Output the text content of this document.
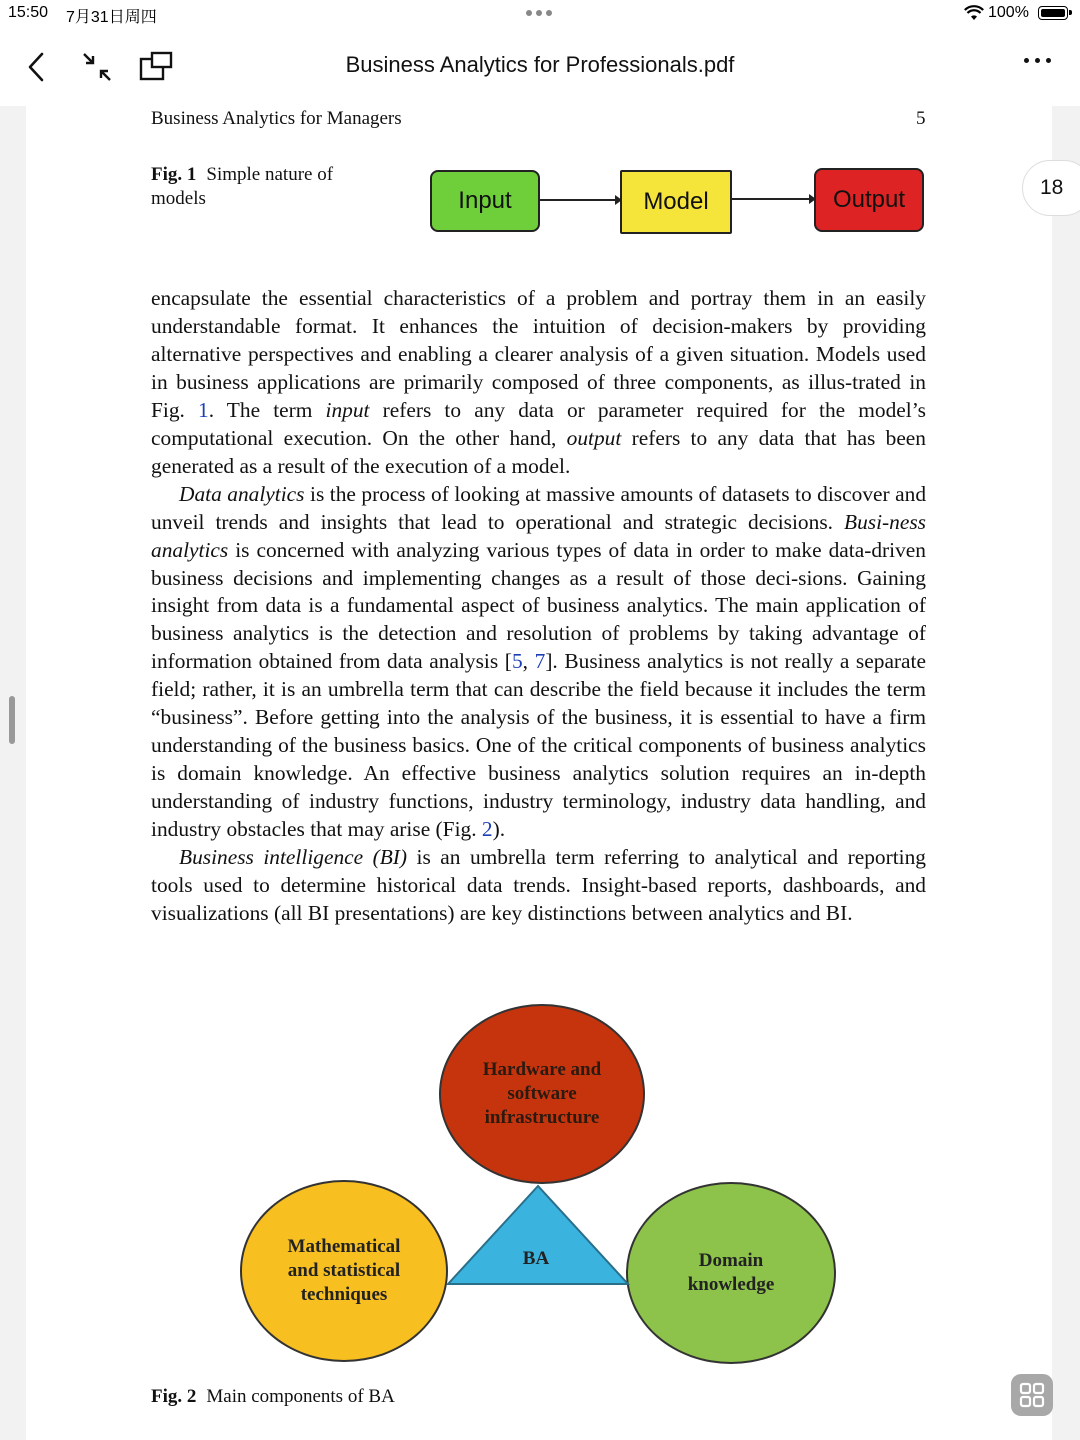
15:50 7月31日周四	100%
Business Analytics for Professionals.pdf
Business Analytics for Managers	5
Fig. 1 Simple nature of models	Input	Model	Output

encapsulate the essential characteristics of a problem and portray them in an easily understandable format. It enhances the intuition of decision-makers by providing alternative perspectives and enabling a clearer analysis of a given situation. Models used in business applications are primarily composed of three components, as illus-trated in Fig. 1. The term input refers to any data or parameter required for the model’s computational execution. On the other hand, output refers to any data that has been generated as a result of the execution of a model.

Data analytics is the process of looking at massive amounts of datasets to discover and unveil trends and insights that lead to operational and strategic decisions. Busi-ness analytics is concerned with analyzing various types of data in order to make data-driven business decisions and implementing changes as a result of those deci-sions. Gaining insight from data is a fundamental aspect of business analytics. The main application of business analytics is the detection and resolution of problems by taking advantage of information obtained from data analysis [5, 7]. Business analytics is not really a separate field; rather, it is an umbrella term that can describe the field because it includes the term “business”. Before getting into the analysis of the business, it is essential to have a firm understanding of the business basics. One of the critical components of business analytics is domain knowledge. An effective business analytics solution requires an in-depth understanding of industry functions, industry terminology, industry data handling, and industry obstacles that may arise (Fig. 2).

Business intelligence (BI) is an umbrella term referring to analytical and reporting tools used to determine historical data trends. Insight-based reports, dashboards, and visualizations (all BI presentations) are key distinctions between analytics and BI.

Hardware and software infrastructure
Mathematical and statistical techniques
Domain knowledge
BA
Fig. 2 Main components of BA
18
